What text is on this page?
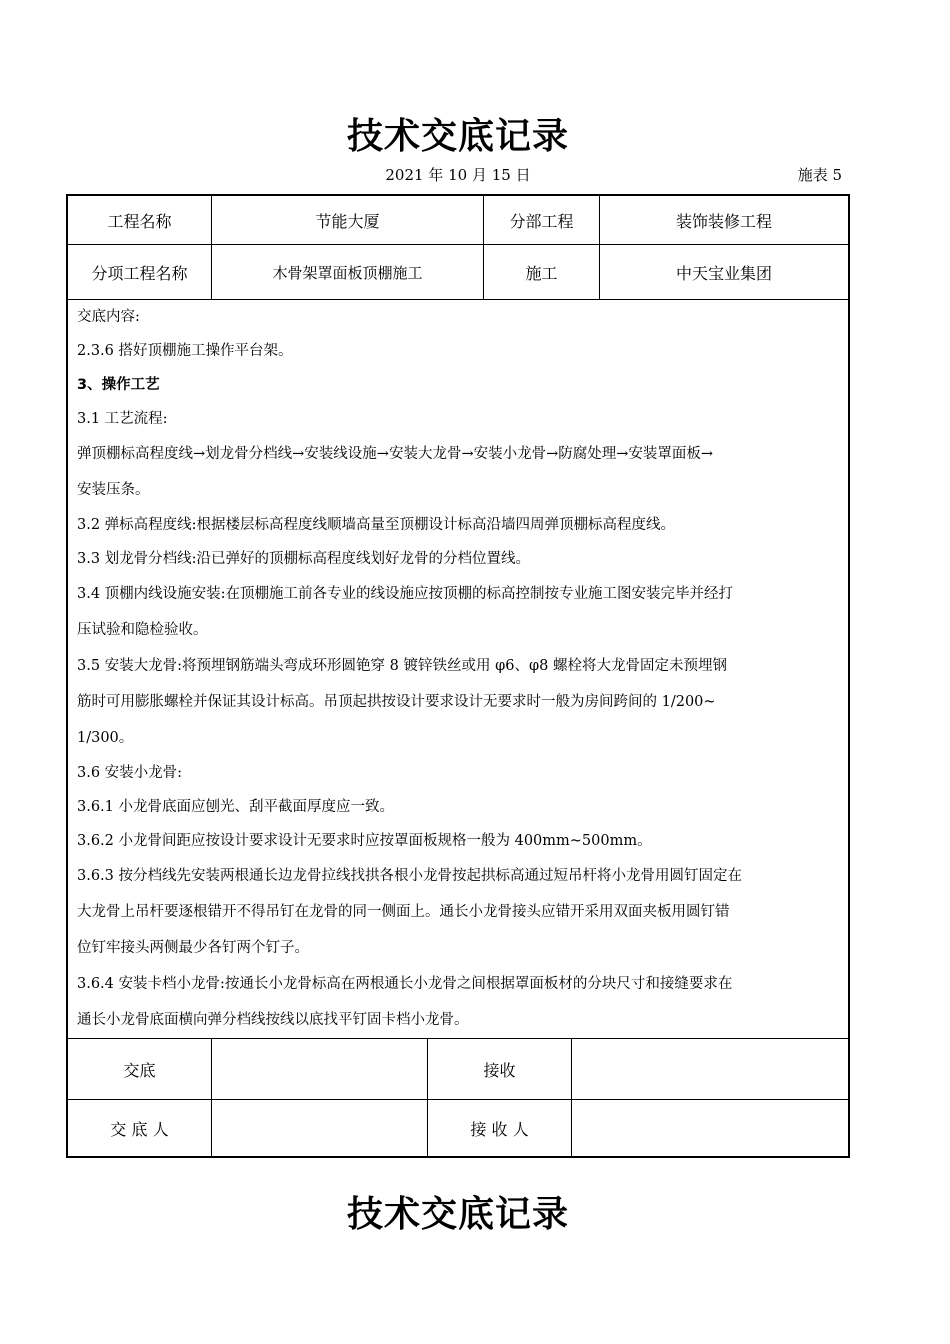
技术交底记录
2021 年 10 月 15 日	施表 5
工程名称	节能大厦	分部工程	装饰装修工程
分项工程名称	木骨架罩面板顶棚施工	施工	中天宝业集团

交底内容:

2.3.6 搭好顶棚施工操作平台架。

3、操作工艺

3.1 工艺流程:

弹顶棚标高程度线→划龙骨分档线→安装线设施→安装大龙骨→安装小龙骨→防腐处理→安装罩面板→

安装压条。

3.2 弹标高程度线:根据楼层标高程度线顺墙高量至顶棚设计标高沿墙四周弹顶棚标高程度线。

3.3 划龙骨分档线:沿已弹好的顶棚标高程度线划好龙骨的分档位置线。

3.4 顶棚内线设施安装:在顶棚施工前各专业的线设施应按顶棚的标高控制按专业施工图安装完毕并经打

压试验和隐检验收。

3.5 安装大龙骨:将预埋钢筋端头弯成环形圆铯穿 8 镀锌铁丝或用 φ6、φ8 螺栓将大龙骨固定未预埋钢

筋时可用膨胀螺栓并保证其设计标高。吊顶起拱按设计要求设计无要求时一般为房间跨间的 1/200~

1/300。

3.6 安装小龙骨:

3.6.1 小龙骨底面应刨光、刮平截面厚度应一致。

3.6.2 小龙骨间距应按设计要求设计无要求时应按罩面板规格一般为 400mm~500mm。

3.6.3 按分档线先安装两根通长边龙骨拉线找拱各根小龙骨按起拱标高通过短吊杆将小龙骨用圆钉固定在

大龙骨上吊杆要逐根错开不得吊钉在龙骨的同一侧面上。通长小龙骨接头应错开采用双面夹板用圆钉错

位钉牢接头两侧最少各钉两个钉子。

3.6.4 安装卡档小龙骨:按通长小龙骨标高在两根通长小龙骨之间根据罩面板材的分块尺寸和接缝要求在

通长小龙骨底面横向弹分档线按线以底找平钉固卡档小龙骨。

交底	接收
交 底 人	接 收 人
技术交底记录
